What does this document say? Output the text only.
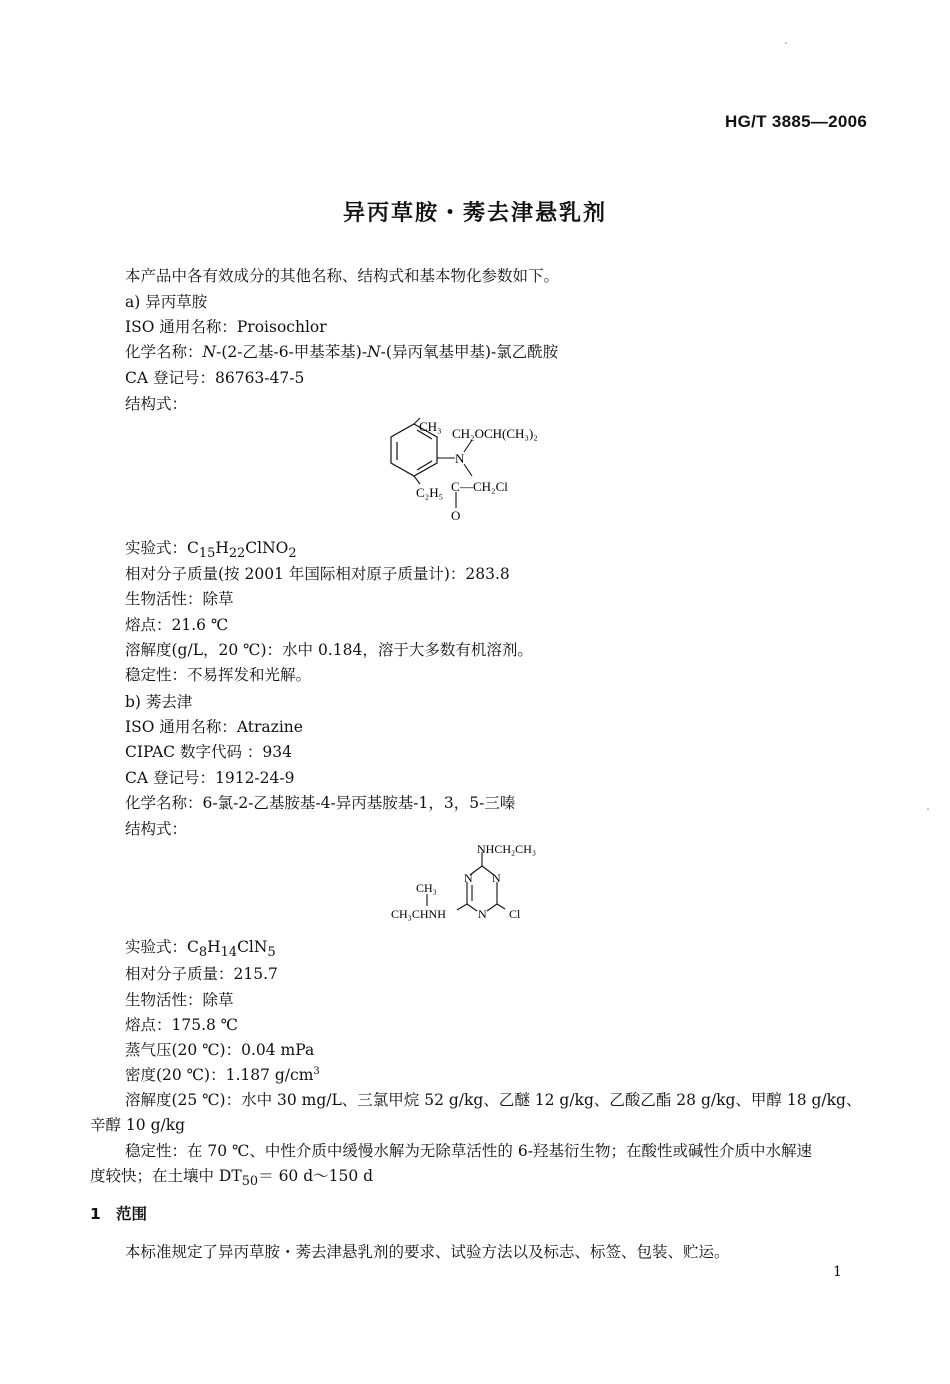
HG/T 3885—2006
异丙草胺・莠去津悬乳剂
本产品中各有效成分的其他名称、结构式和基本物化参数如下。
a) 异丙草胺
ISO 通用名称：Proisochlor
化学名称：N-(2-乙基-6-甲基苯基)-N-(异丙氧基甲基)-氯乙酰胺
CA 登记号：86763-47-5
结构式：
CH₃ CH₂OCH(CH₃)₂
N
C —CH₂Cl
C₂H₅
O
实验式：$C_{15}H_{22}ClNO_2$
相对分子质量(按 2001 年国际相对原子质量计)：283.8
生物活性：除草
熔点：21.6 ℃
溶解度(g/L，20 ℃)：水中 0.184，溶于大多数有机溶剂。
稳定性：不易挥发和光解。
b) 莠去津
ISO 通用名称：Atrazine
CIPAC 数字代码 ：934
CA 登记号：1912-24-9
化学名称：6-氯-2-乙基胺基-4-异丙基胺基-1，3，5-三嗪
结构式：
NHCH₂CH₃
N N
N
CH₃
CH₃CHNH	Cl
实验式：$C_8H_{14}ClN_5$
相对分子质量：215.7
生物活性：除草
熔点：175.8 ℃
蒸气压(20 ℃)：0.04 mPa
密度(20 ℃)：1.187 $g/cm^3$
溶解度(25 ℃)：水中 30 mg/L、三氯甲烷 52 g/kg、乙醚 12 g/kg、乙酸乙酯 28 g/kg、甲醇 18 g/kg、
辛醇 10 g/kg
稳定性：在 70 ℃、中性介质中缓慢水解为无除草活性的 6-羟基衍生物；在酸性或碱性介质中水解速
度较快；在土壤中 $DT_{50}= 60$ d～150 d
1 范围
本标准规定了异丙草胺・莠去津悬乳剂的要求、试验方法以及标志、标签、包装、贮运。
1
